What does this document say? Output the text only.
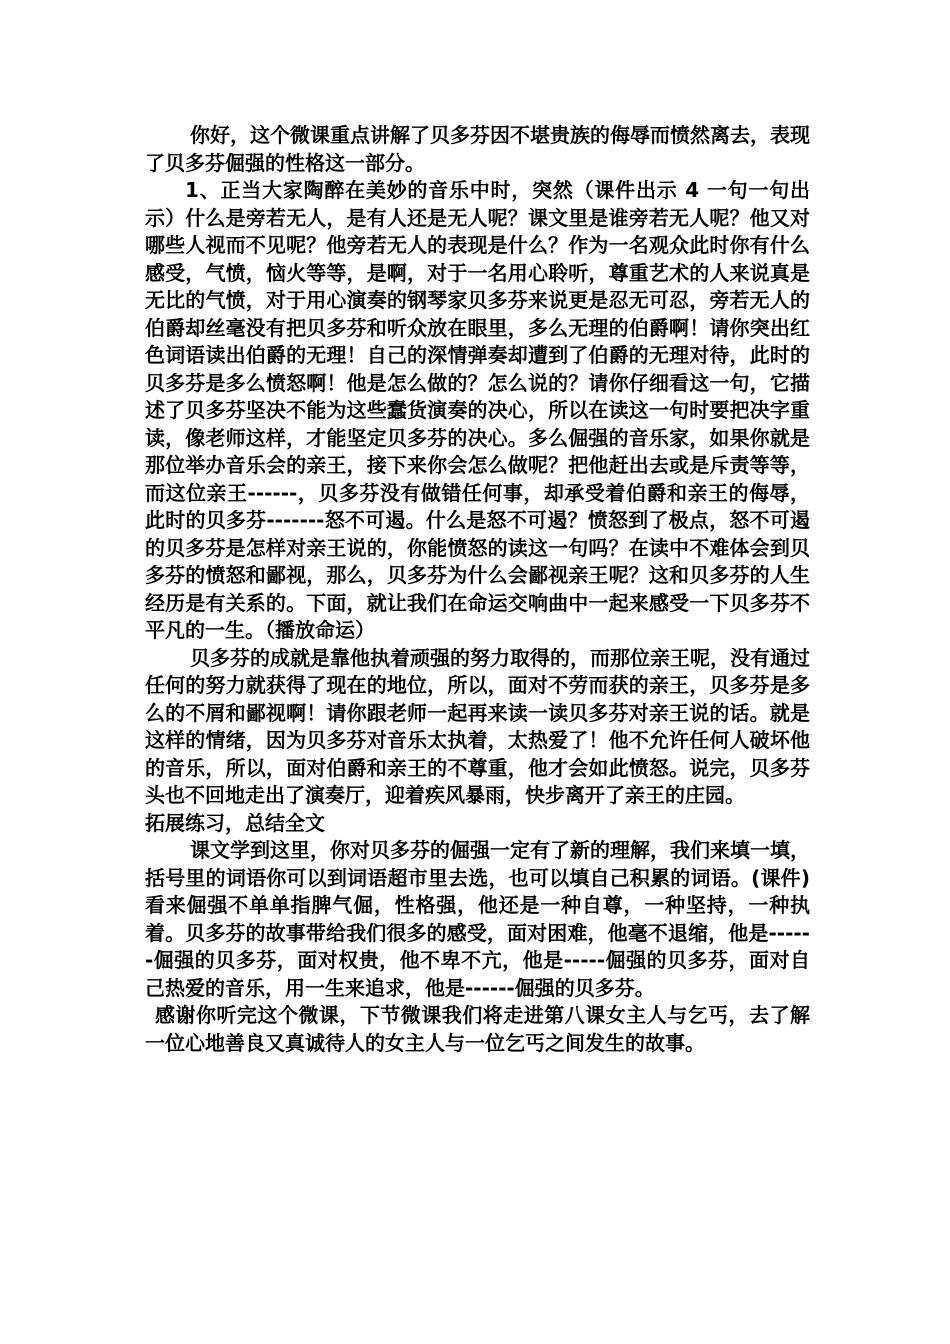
你好，这个微课重点讲解了贝多芬因不堪贵族的侮辱而愤然离去，表现了贝多芬倔强的性格这一部分。

1、正当大家陶醉在美妙的音乐中时，突然（课件出示 4 一句一句出示）什么是旁若无人，是有人还是无人呢？课文里是谁旁若无人呢？他又对哪些人视而不见呢？他旁若无人的表现是什么？作为一名观众此时你有什么感受，气愤，恼火等等，是啊，对于一名用心聆听，尊重艺术的人来说真是无比的气愤，对于用心演奏的钢琴家贝多芬来说更是忍无可忍，旁若无人的伯爵却丝毫没有把贝多芬和听众放在眼里，多么无理的伯爵啊！请你突出红色词语读出伯爵的无理！自己的深情弹奏却遭到了伯爵的无理对待，此时的贝多芬是多么愤怒啊！他是怎么做的？怎么说的？请你仔细看这一句，它描述了贝多芬坚决不能为这些蠢货演奏的决心，所以在读这一句时要把决字重读，像老师这样，才能坚定贝多芬的决心。多么倔强的音乐家，如果你就是那位举办音乐会的亲王，接下来你会怎么做呢？把他赶出去或是斥责等等，而这位亲王------，贝多芬没有做错任何事，却承受着伯爵和亲王的侮辱，此时的贝多芬-------怒不可遏。什么是怒不可遏？愤怒到了极点，怒不可遏的贝多芬是怎样对亲王说的，你能愤怒的读这一句吗？在读中不难体会到贝多芬的愤怒和鄙视，那么，贝多芬为什么会鄙视亲王呢？这和贝多芬的人生经历是有关系的。下面，就让我们在命运交响曲中一起来感受一下贝多芬不平凡的一生。（播放命运）

贝多芬的成就是靠他执着顽强的努力取得的，而那位亲王呢，没有通过任何的努力就获得了现在的地位，所以，面对不劳而获的亲王，贝多芬是多么的不屑和鄙视啊！请你跟老师一起再来读一读贝多芬对亲王说的话。就是这样的情绪，因为贝多芬对音乐太执着，太热爱了！他不允许任何人破坏他的音乐，所以，面对伯爵和亲王的不尊重，他才会如此愤怒。说完，贝多芬头也不回地走出了演奏厅，迎着疾风暴雨，快步离开了亲王的庄园。

拓展练习，总结全文

课文学到这里，你对贝多芬的倔强一定有了新的理解，我们来填一填，括号里的词语你可以到词语超市里去选，也可以填自己积累的词语。(课件)看来倔强不单单指脾气倔，性格强，他还是一种自尊，一种坚持，一种执着。贝多芬的故事带给我们很多的感受，面对困难，他毫不退缩，他是------倔强的贝多芬，面对权贵，他不卑不亢，他是-----倔强的贝多芬，面对自己热爱的音乐，用一生来追求，他是------倔强的贝多芬。

感谢你听完这个微课，下节微课我们将走进第八课女主人与乞丐，去了解一位心地善良又真诚待人的女主人与一位乞丐之间发生的故事。
